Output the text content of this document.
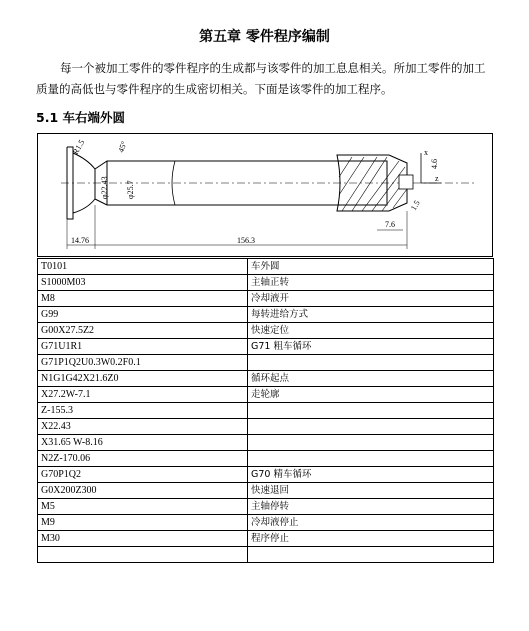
第五章 零件程序编制
每一个被加工零件的零件程序的生成都与该零件的加工息息相关。所加工零件的加工质量的高低也与零件程序的生成密切相关。下面是该零件的加工程序。
5.1 车右端外圆
x
z
14.76	156.3
7.6
1.5
4.6
R1.5	45°
φ22.43 φ25.7
T0101	车外圆
S1000M03	主轴正转
M8	冷却液开
G99	每转进给方式
G00X27.5Z2	快速定位
G71U1R1	G71 粗车循环
G71P1Q2U0.3W0.2F0.1	
N1G1G42X21.6Z0	循环起点
X27.2W-7.1	走轮廓
Z-155.3	
X22.43	
X31.65 W-8.16	
N2Z-170.06	
G70P1Q2	G70 精车循环
G0X200Z300	快速退回
M5	主轴停转
M9	冷却液停止
M30	程序停止
